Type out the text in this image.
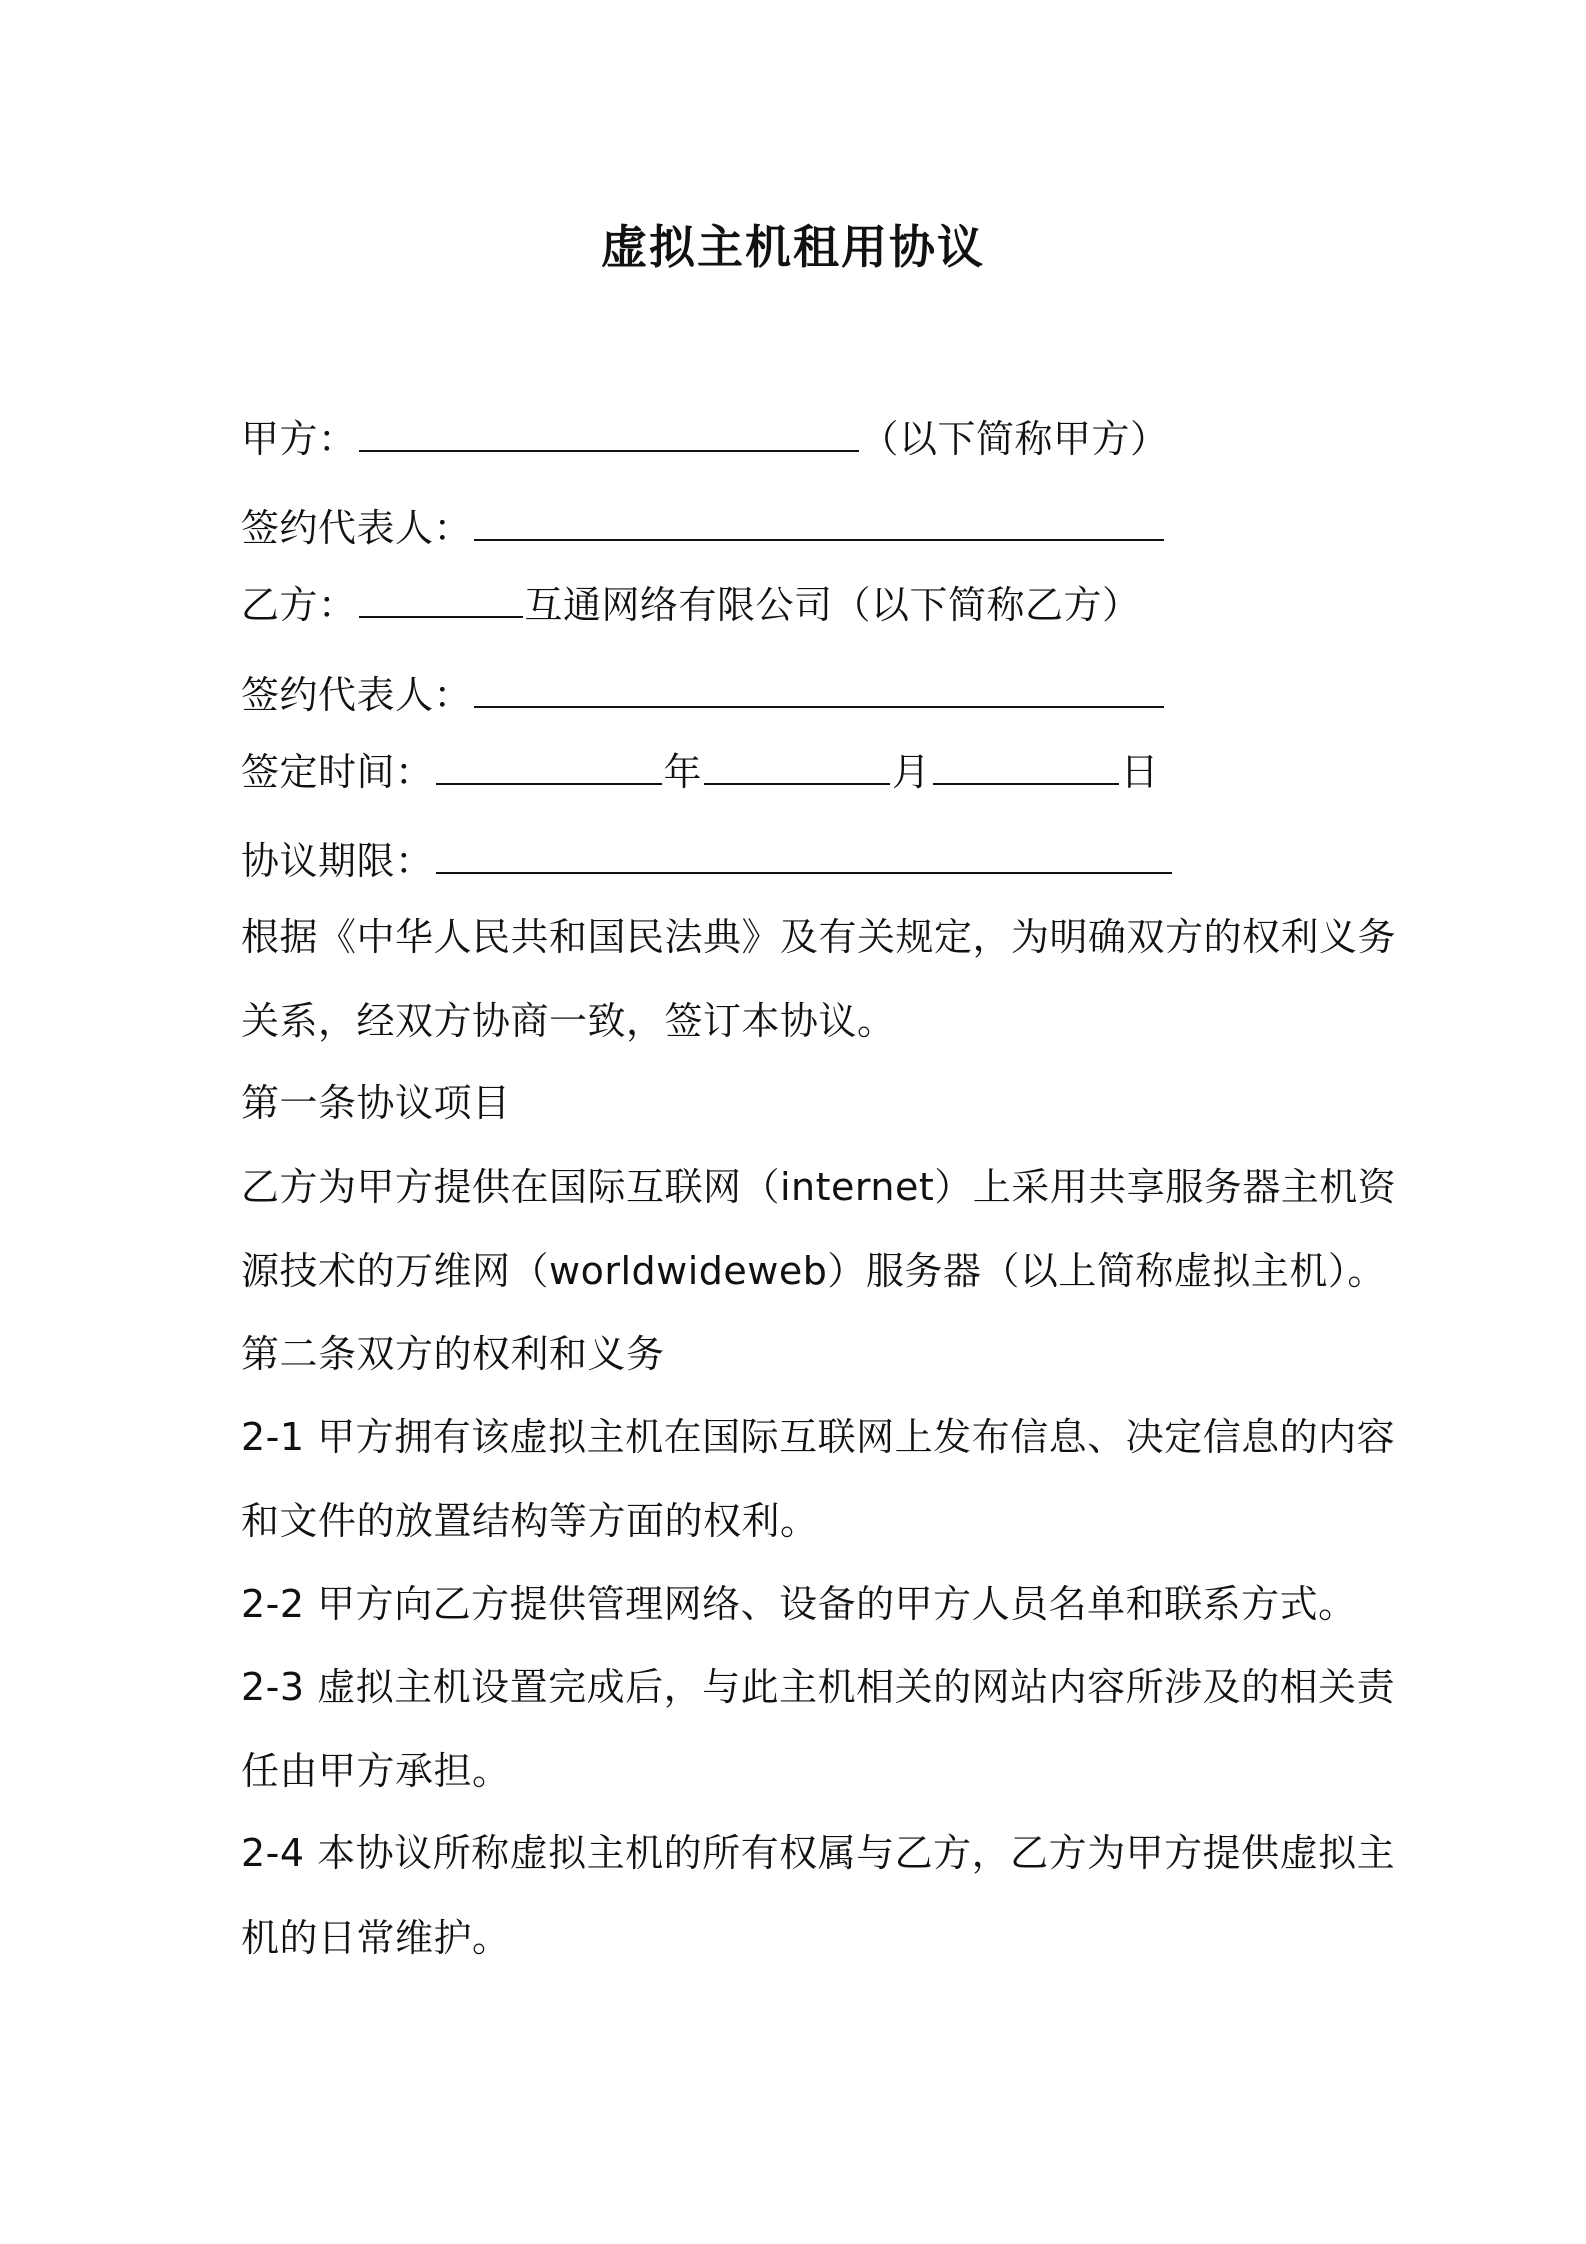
虚拟主机租用协议
甲方：	（以下简称甲方）
签约代表人：
乙方：	互通网络有限公司（以下简称乙方）
签约代表人：
签定时间：	年	月	日
协议期限：
根据《中华人民共和国民法典》及有关规定，为明确双方的权利义务
关系，经双方协商一致，签订本协议。
第一条协议项目
乙方为甲方提供在国际互联网（internet）上采用共享服务器主机资
源技术的万维网（worldwideweb）服务器（以上简称虚拟主机）。
第二条双方的权利和义务
2-1 甲方拥有该虚拟主机在国际互联网上发布信息、决定信息的内容
和文件的放置结构等方面的权利。
2-2 甲方向乙方提供管理网络、设备的甲方人员名单和联系方式。
2-3 虚拟主机设置完成后，与此主机相关的网站内容所涉及的相关责
任由甲方承担。
2-4 本协议所称虚拟主机的所有权属与乙方，乙方为甲方提供虚拟主
机的日常维护。
